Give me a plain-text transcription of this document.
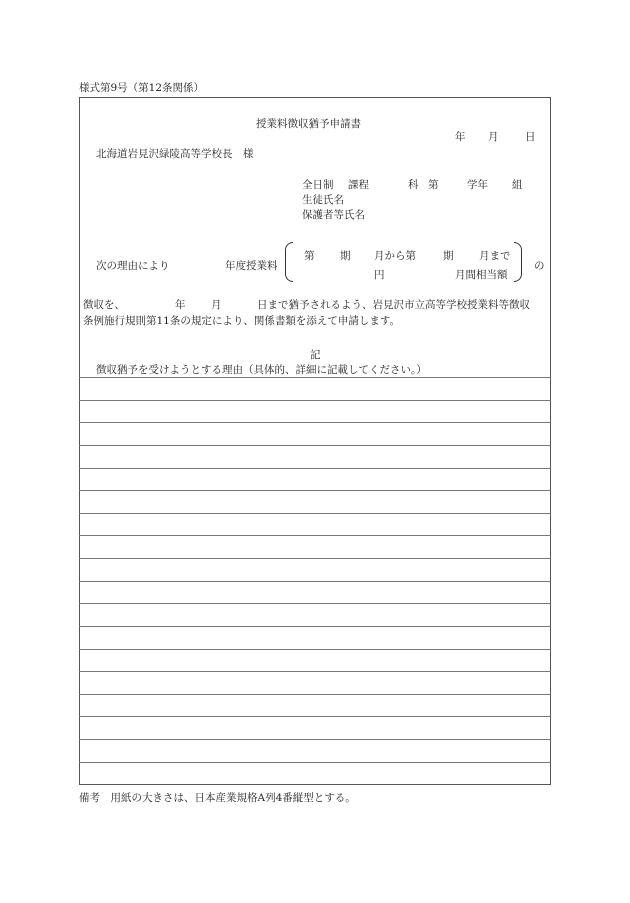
様式第9号（第12条関係）
授業料徴収猶予申請書
年 月	日
北海道岩見沢緑陵高等学校長　様
全日制 課程	科 第	学年 組
生徒氏名
保護者等氏名
次の理由により	年度授業料
第 期 月から第	期 月まで
円	月間相当額
の
徴収を、	年 月	日まで猶予されるよう、岩見沢市立高等学校授業料等徴収
条例施行規則第11条の規定により、関係書類を添えて申請します。
記
徴収猶予を受けようとする理由（具体的、詳細に記載してください。）
備考　用紙の大きさは、日本産業規格A列4番縦型とする。
